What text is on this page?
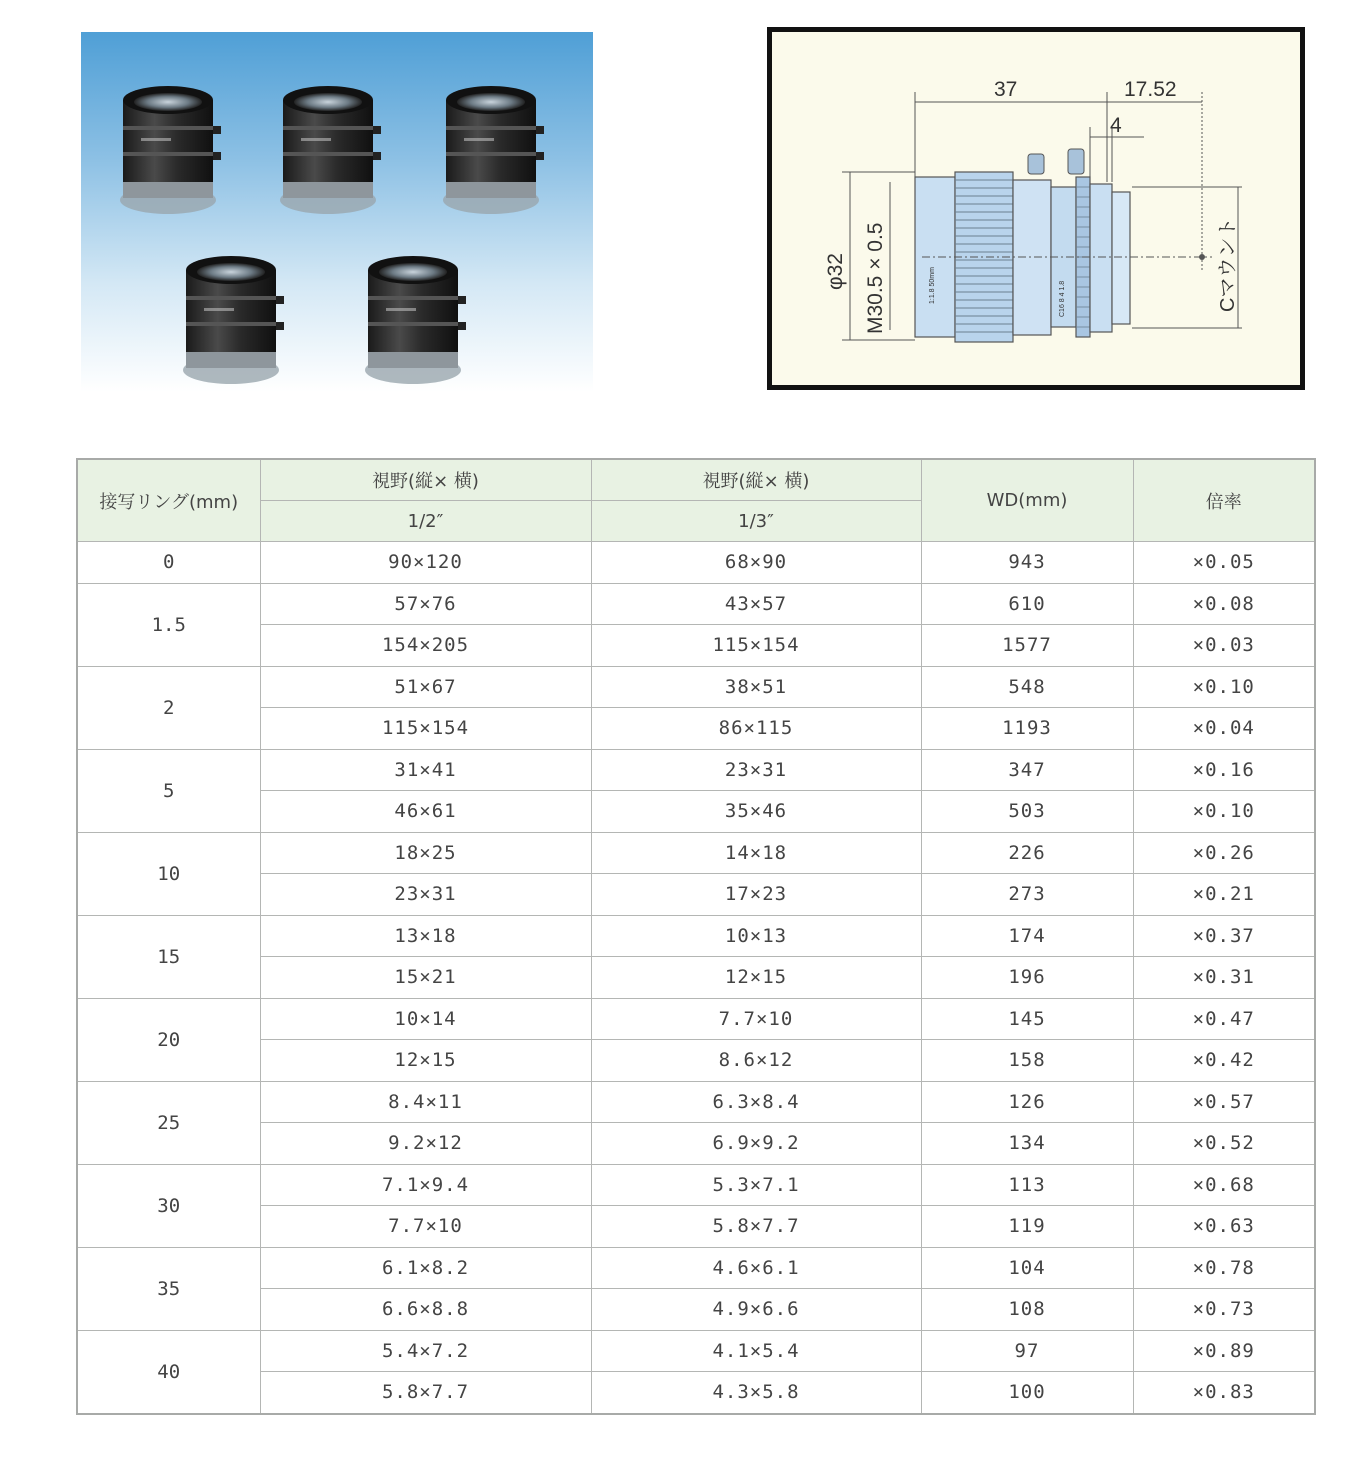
37	17.52
4
φ32 M30.5 × 0.5	Cマウント
1:1.8 50mm	C16 8 4 1.8
接写リング(mm)	視野(縦× 横)	視野(縦× 横)	WD(mm)	倍率
	1/2″	1/3″		
0	90×120	68×90	943	×0.05
1.5	57×76	43×57	610	×0.08
	154×205	115×154	1577	×0.03
2	51×67	38×51	548	×0.10
	115×154	86×115	1193	×0.04
5	31×41	23×31	347	×0.16
	46×61	35×46	503	×0.10
10	18×25	14×18	226	×0.26
	23×31	17×23	273	×0.21
15	13×18	10×13	174	×0.37
	15×21	12×15	196	×0.31
20	10×14	7.7×10	145	×0.47
	12×15	8.6×12	158	×0.42
25	8.4×11	6.3×8.4	126	×0.57
	9.2×12	6.9×9.2	134	×0.52
30	7.1×9.4	5.3×7.1	113	×0.68
	7.7×10	5.8×7.7	119	×0.63
35	6.1×8.2	4.6×6.1	104	×0.78
	6.6×8.8	4.9×6.6	108	×0.73
40	5.4×7.2	4.1×5.4	97	×0.89
	5.8×7.7	4.3×5.8	100	×0.83
